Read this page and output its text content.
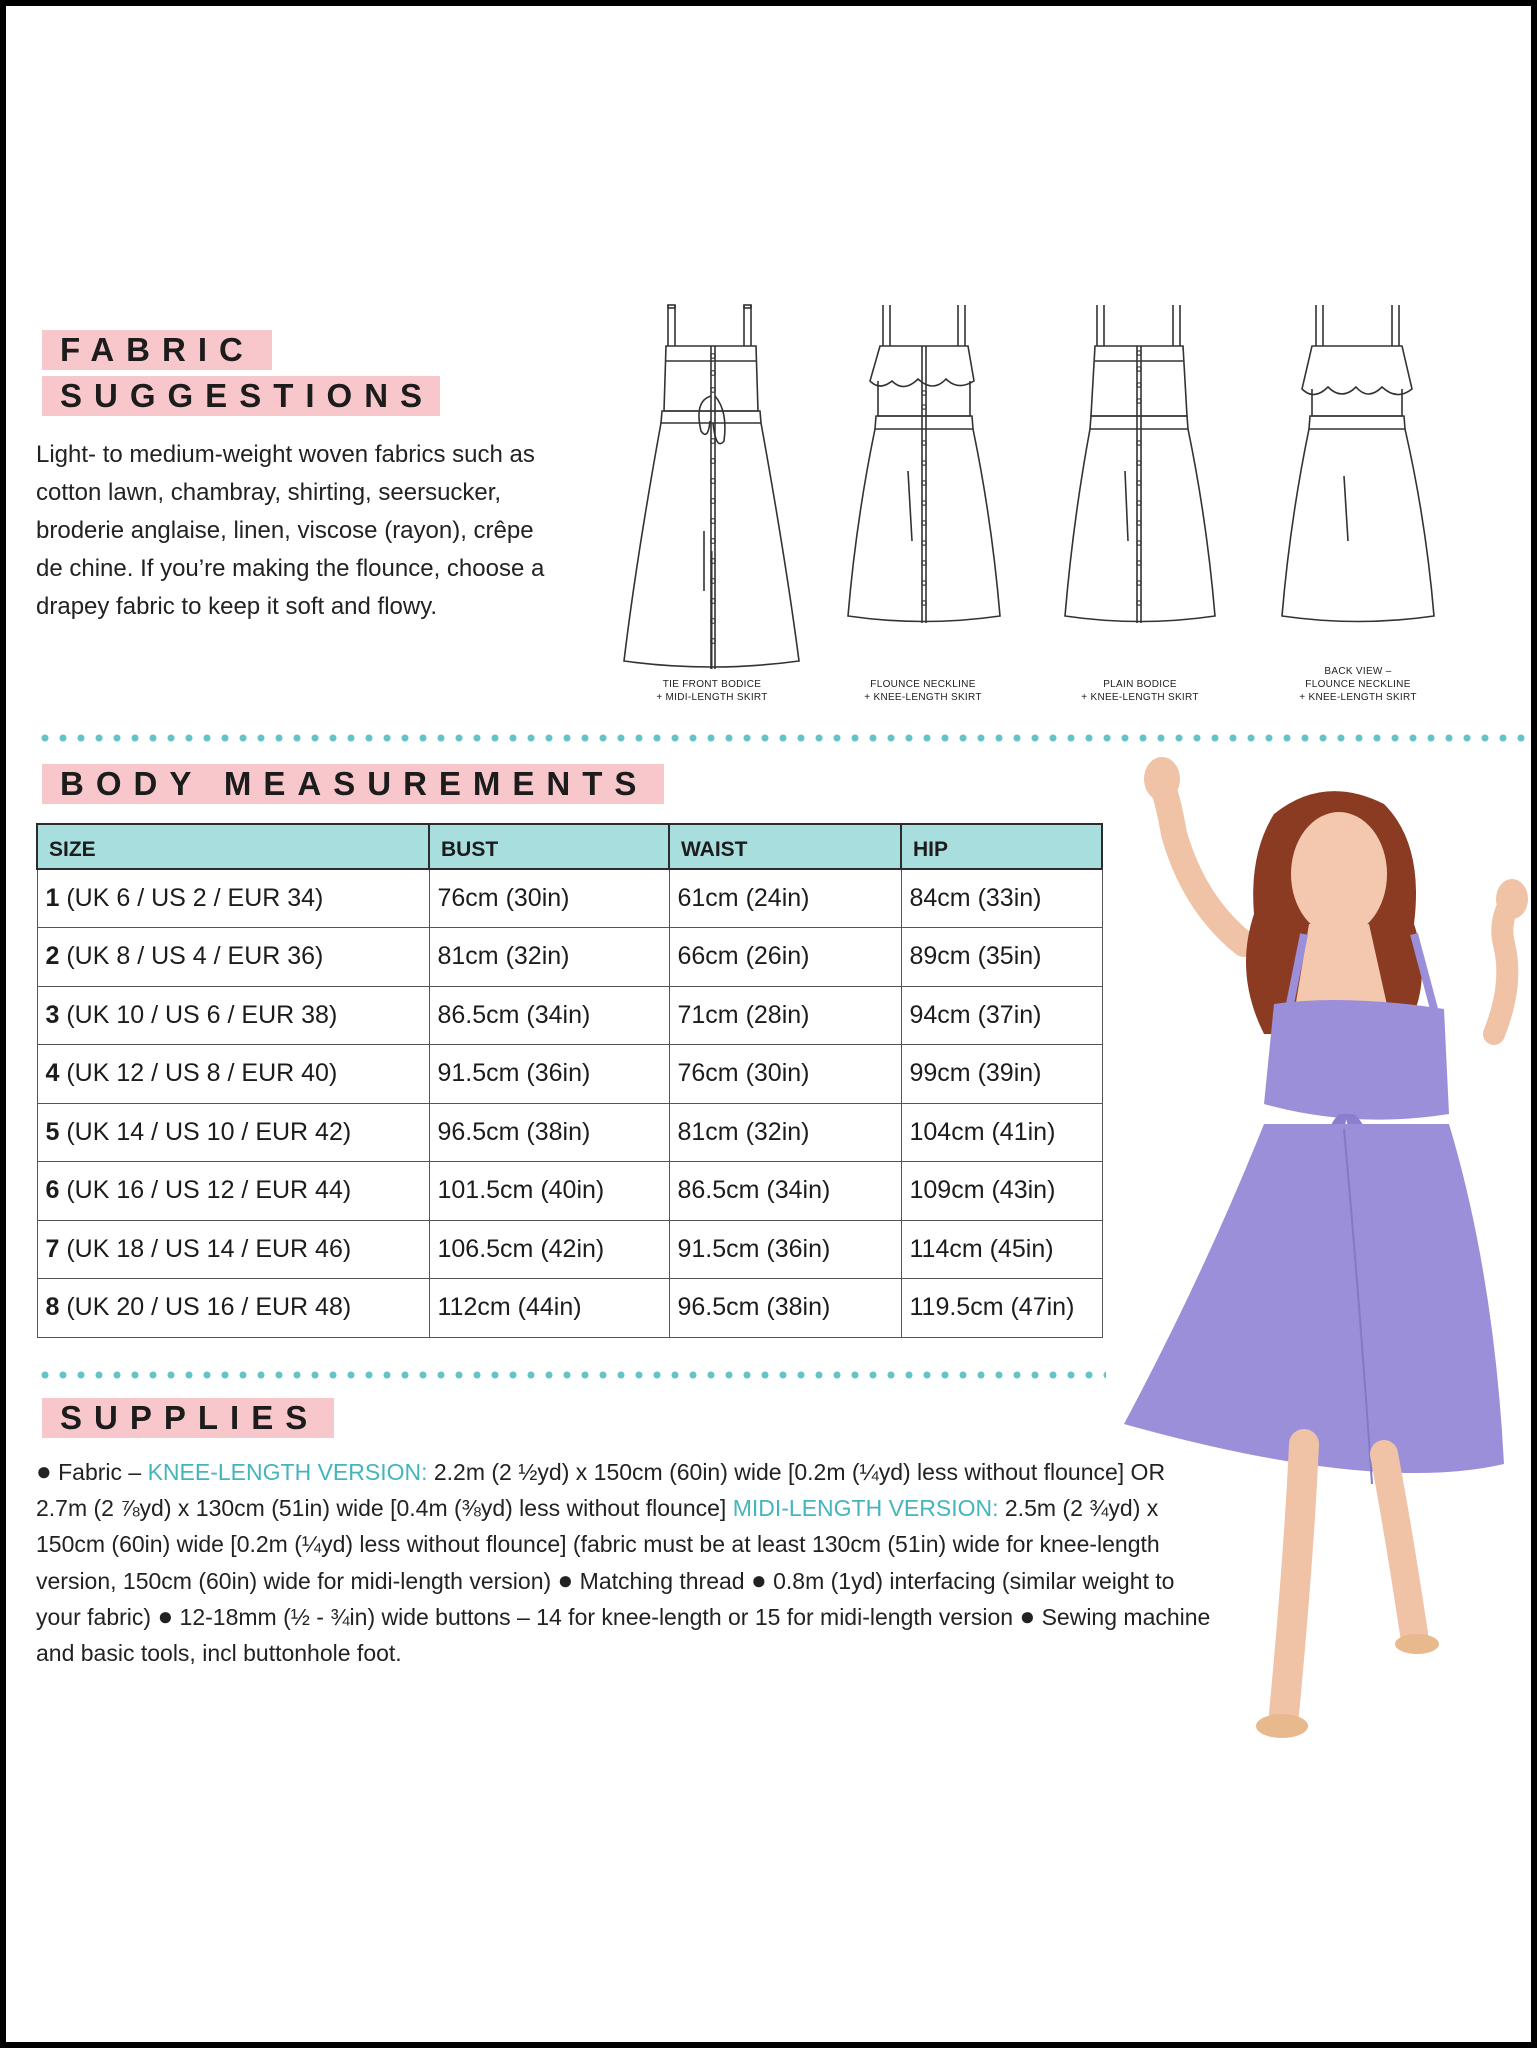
FABRIC
SUGGESTIONS
Light- to medium-weight woven fabrics such as cotton lawn, chambray, shirting, seersucker, broderie anglaise, linen, viscose (rayon), crêpe de chine. If you’re making the flounce, choose a drapey fabric to keep it soft and flowy.
TIE FRONT BODICE
+ MIDI-LENGTH SKIRT
FLOUNCE NECKLINE
+ KNEE-LENGTH SKIRT
PLAIN BODICE
+ KNEE-LENGTH SKIRT
BACK VIEW –
FLOUNCE NECKLINE
+ KNEE-LENGTH SKIRT
BODY MEASUREMENTS
SIZE	BUST	WAIST	HIP
1 (UK 6 / US 2 / EUR 34)	76cm (30in)	61cm (24in)	84cm (33in)
2 (UK 8 / US 4 / EUR 36)	81cm (32in)	66cm (26in)	89cm (35in)
3 (UK 10 / US 6 / EUR 38)	86.5cm (34in)	71cm (28in)	94cm (37in)
4 (UK 12 / US 8 / EUR 40)	91.5cm (36in)	76cm (30in)	99cm (39in)
5 (UK 14 / US 10 / EUR 42)	96.5cm (38in)	81cm (32in)	104cm (41in)
6 (UK 16 / US 12 / EUR 44)	101.5cm (40in)	86.5cm (34in)	109cm (43in)
7 (UK 18 / US 14 / EUR 46)	106.5cm (42in)	91.5cm (36in)	114cm (45in)
8 (UK 20 / US 16 / EUR 48)	112cm (44in)	96.5cm (38in)	119.5cm (47in)
SUPPLIES
● Fabric – KNEE-LENGTH VERSION: 2.2m (2 ½yd) x 150cm (60in) wide [0.2m (¼yd) less without flounce] OR 2.7m (2 ⅞yd) x 130cm (51in) wide [0.4m (⅜yd) less without flounce] MIDI-LENGTH VERSION: 2.5m (2 ¾yd) x 150cm (60in) wide [0.2m (¼yd) less without flounce] (fabric must be at least 130cm (51in) wide for knee-length version, 150cm (60in) wide for midi-length version) ● Matching thread ● 0.8m (1yd) interfacing (similar weight to your fabric) ● 12-18mm (½ - ¾in) wide buttons – 14 for knee-length or 15 for midi-length version ● Sewing machine and basic tools, incl buttonhole foot.
